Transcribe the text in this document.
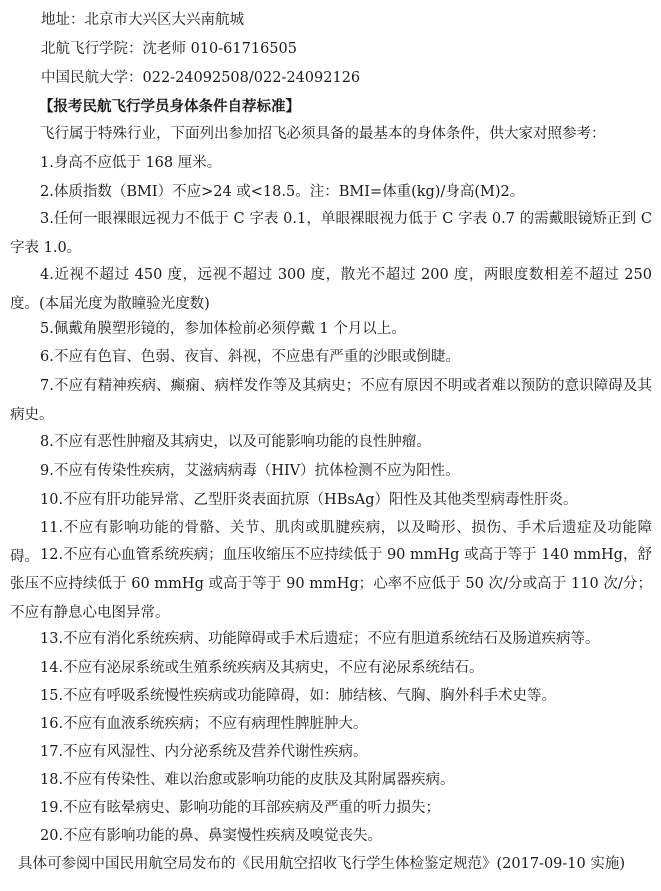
地址：北京市大兴区大兴南航城
北航飞行学院：沈老师 010-61716505
中国民航大学：022-24092508/022-24092126
【报考民航飞行学员身体条件自荐标准】
飞行属于特殊行业，下面列出参加招飞必须具备的最基本的身体条件，供大家对照参考：
1.身高不应低于 168 厘米。
2.体质指数（BMI）不应>24 或<18.5。注：BMI=体重(kg)/身高(M)2。
3.任何一眼裸眼远视力不低于 C 字表 0.1，单眼裸眼视力低于 C 字表 0.7 的需戴眼镜矫正到 C 字表 1.0。
4.近视不超过 450 度，远视不超过 300 度，散光不超过 200 度，两眼度数相差不超过 250 度。(本届光度为散瞳验光度数)
5.佩戴角膜塑形镜的，参加体检前必须停戴 1 个月以上。
6.不应有色盲、色弱、夜盲、斜视，不应患有严重的沙眼或倒睫。
7.不应有精神疾病、癫痫、病样发作等及其病史；不应有原因不明或者难以预防的意识障碍及其病史。
8.不应有恶性肿瘤及其病史，以及可能影响功能的良性肿瘤。
9.不应有传染性疾病，艾滋病病毒（HIV）抗体检测不应为阳性。
10.不应有肝功能异常、乙型肝炎表面抗原（HBsAg）阳性及其他类型病毒性肝炎。
11.不应有影响功能的骨骼、关节、肌肉或肌腱疾病，以及畸形、损伤、手术后遗症及功能障碍。 12.不应有心血管系统疾病；血压收缩压不应持续低于 90 mmHg 或高于等于 140 mmHg，舒张压不应持续低于 60 mmHg 或高于等于 90 mmHg；心率不应低于 50 次/分或高于 110 次/分；不应有静息心电图异常。
13.不应有消化系统疾病、功能障碍或手术后遗症；不应有胆道系统结石及肠道疾病等。
14.不应有泌尿系统或生殖系统疾病及其病史，不应有泌尿系统结石。
15.不应有呼吸系统慢性疾病或功能障碍，如：肺结核、气胸、胸外科手术史等。
16.不应有血液系统疾病；不应有病理性脾脏肿大。
17.不应有风湿性、内分泌系统及营养代谢性疾病。
18.不应有传染性、难以治愈或影响功能的皮肤及其附属器疾病。
19.不应有眩晕病史、影响功能的耳部疾病及严重的听力损失；
20.不应有影响功能的鼻、鼻窦慢性疾病及嗅觉丧失。
具体可参阅中国民用航空局发布的《民用航空招收飞行学生体检鉴定规范》(2017-09-10 实施)
